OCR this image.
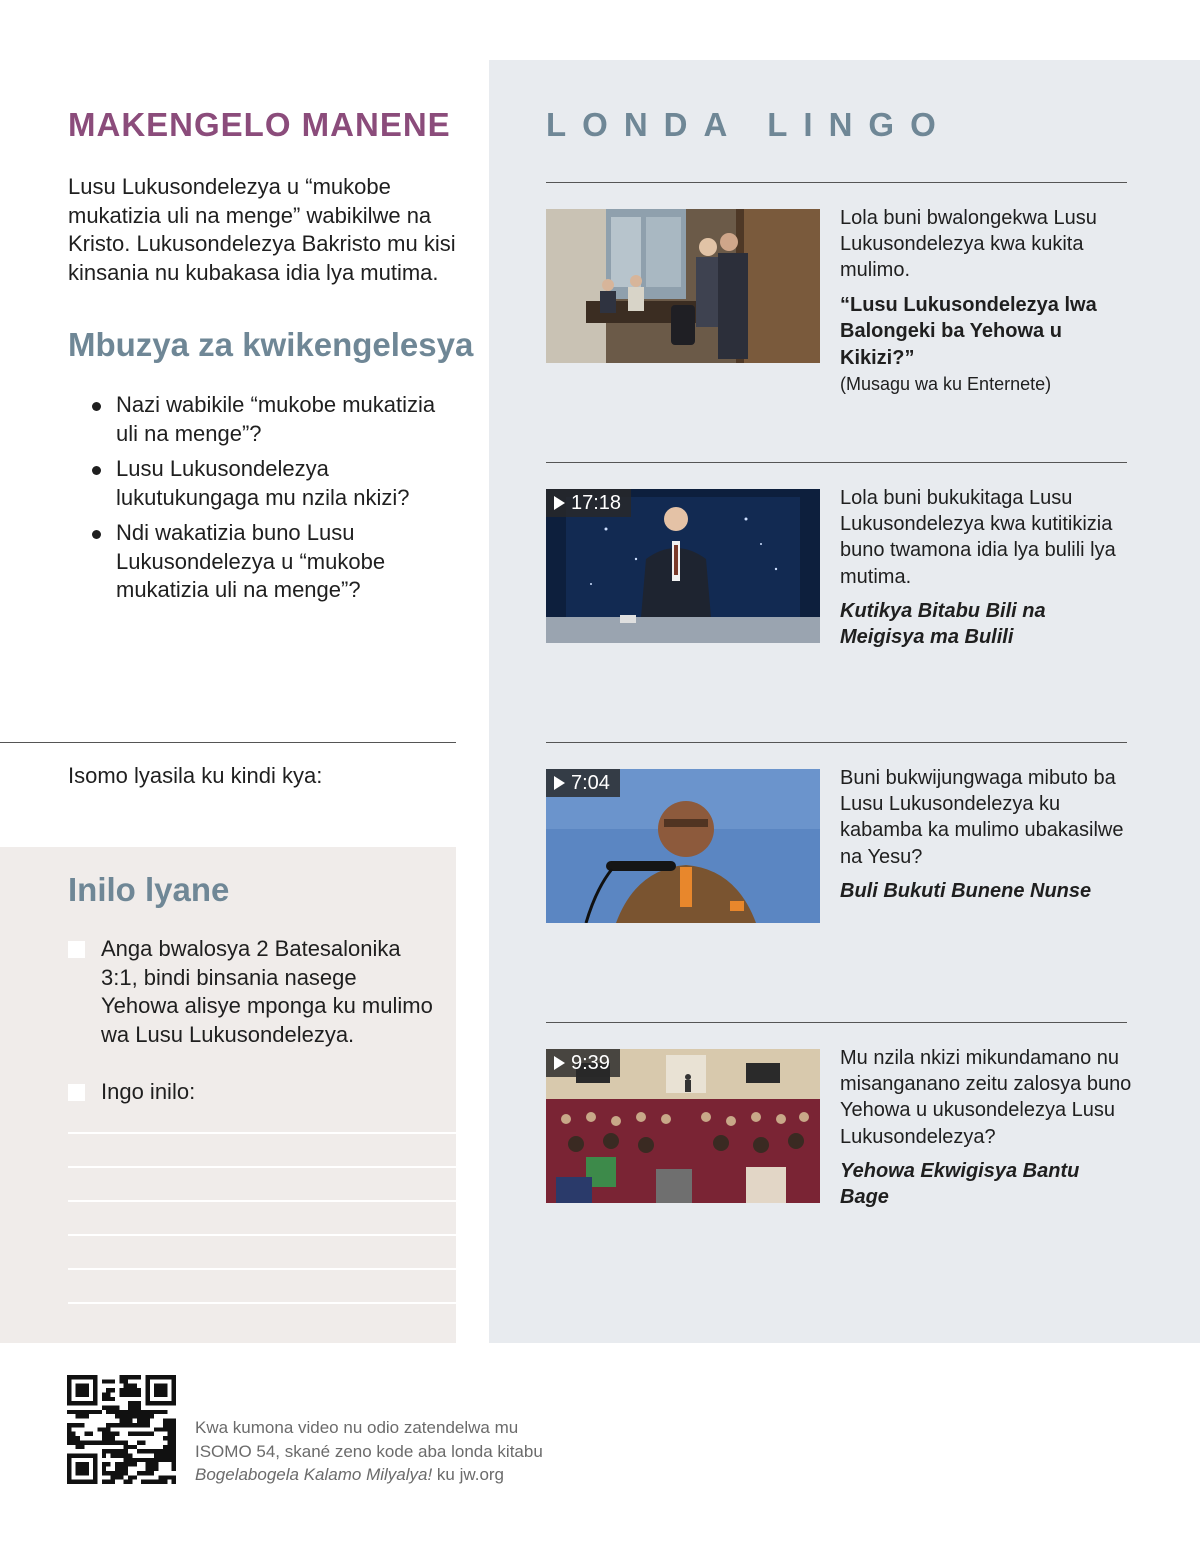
MAKENGELO MANENE

Lusu Lukusondelezya u “mukobe mukatizia uli na menge” wabikilwe na Kristo. Lukusondelezya Bakristo mu kisi kinsania nu kubakasa idia lya mutima.

Mbuzya za kwikengelesya
Nazi wabikile “mukobe mukatizia uli na menge”?
Lusu Lukusondelezya lukutukungaga mu nzila nkizi?
Ndi wakatizia buno Lusu Lukusondelezya u “mukobe mukatizia uli na menge”?
Isomo lyasila ku kindi kya:
Inilo lyane
Anga bwalosya 2 Batesalonika 3:1, bindi binsania nasege Yehowa alisye mponga ku mulimo wa Lusu Lukusondelezya.
Ingo inilo:
LONDA LINGO

Lola buni bwalongekwa Lusu Lukusondelezya kwa kukita mulimo.

“Lusu Lukusondelezya lwa Balongeki ba Yehowa u Kikizi?”

(Musagu wa ku Enternete)

17:18	Lola buni bukukitaga Lusu Lukusondelezya kwa kutitikizia buno twamona idia lya bulili lya mutima.

Kutikya Bitabu Bili na Meigisya ma Bulili

7:04	Buni bukwijungwaga mibuto ba Lusu Lukusondelezya ku kabamba ka mulimo ubakasilwe na Yesu?

Buli Bukuti Bunene Nunse

9:39	Mu nzila nkizi mikundamano nu misanganano zeitu zalosya buno Yehowa u ukusondelezya Lusu Lukusondelezya?

Yehowa Ekwigisya Bantu Bage

Kwa kumona video nu odio zatendelwa mu
ISOMO 54, skané zeno kode aba londa kitabu
Bogelabogela Kalamo Milyalya! ku jw.org
